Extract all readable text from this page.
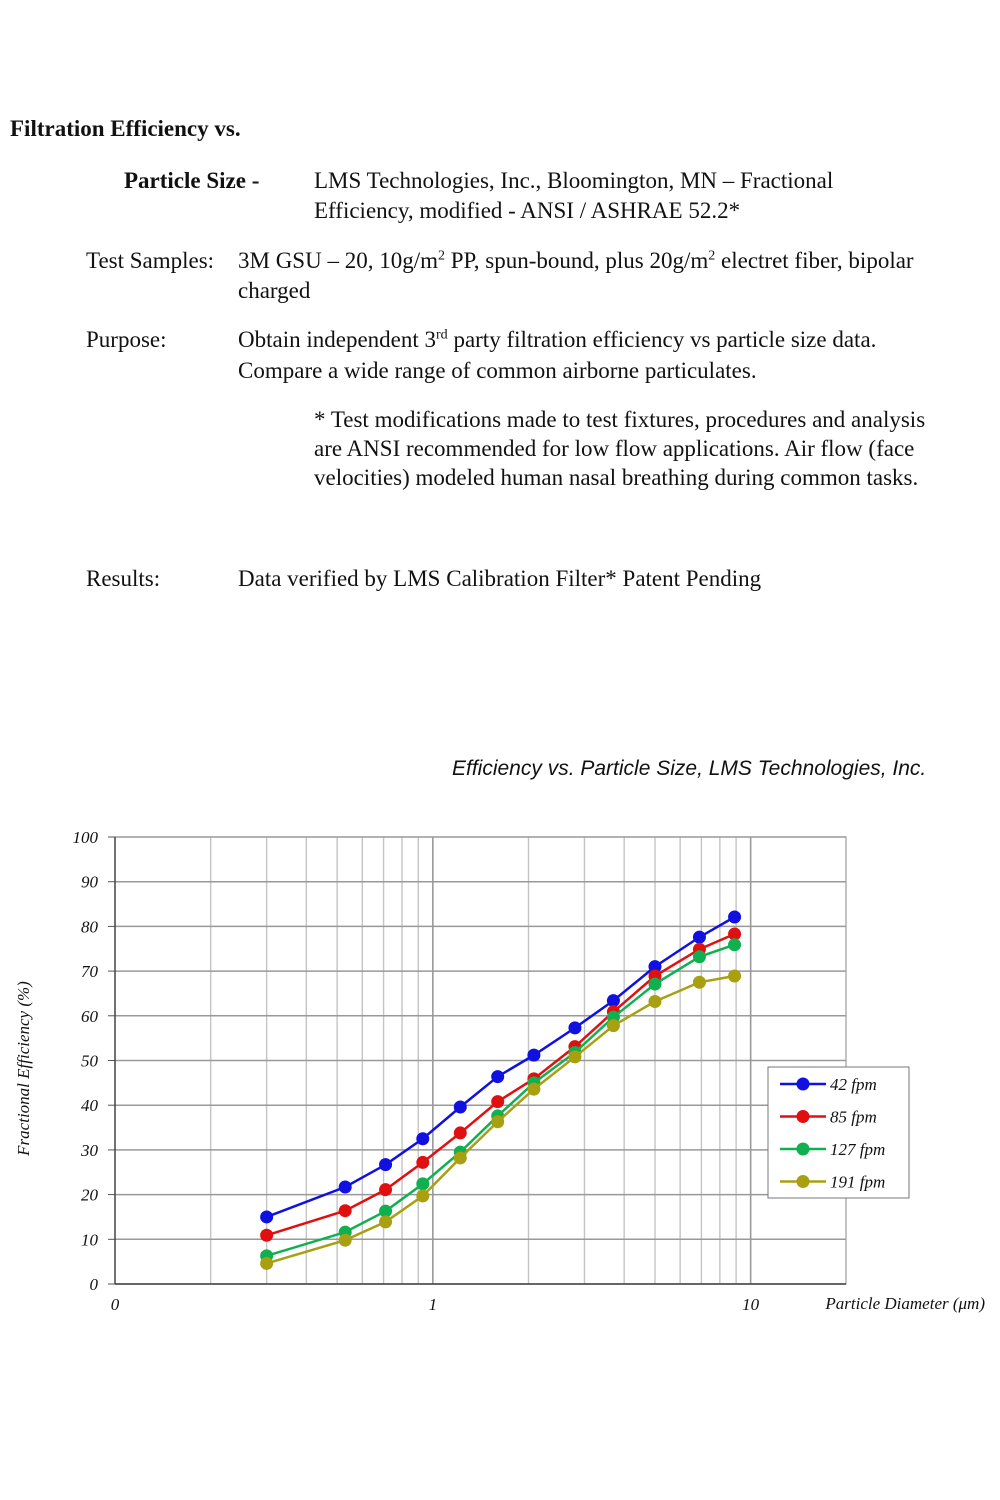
Filtration Efficiency vs.
Particle Size - LMS Technologies, Inc., Bloomington, MN – Fractional
Efficiency, modified - ANSI / ASHRAE 52.2*
Test Samples: 3M GSU – 20, $10g/m^2$ PP, spun-bound, plus $20g/m^2$ electret fiber, bipolar
charged
Purpose:	Obtain independent 3rd party filtration efficiency vs particle size data.
Compare a wide range of common airborne particulates.
* Test modifications made to test fixtures, procedures and analysis
are ANSI recommended for low flow applications. Air flow (face
velocities) modeled human nasal breathing during common tasks.
Results:	Data verified by LMS Calibration Filter* Patent Pending
Efficiency vs. Particle Size, LMS Technologies, Inc.
0
10
20
30
40
50
60
70
80
90
100
0	1	10	Particle Diameter (μm)
Fractional Efficiency (%)	42 fpm
85 fpm
127 fpm
191 fpm
